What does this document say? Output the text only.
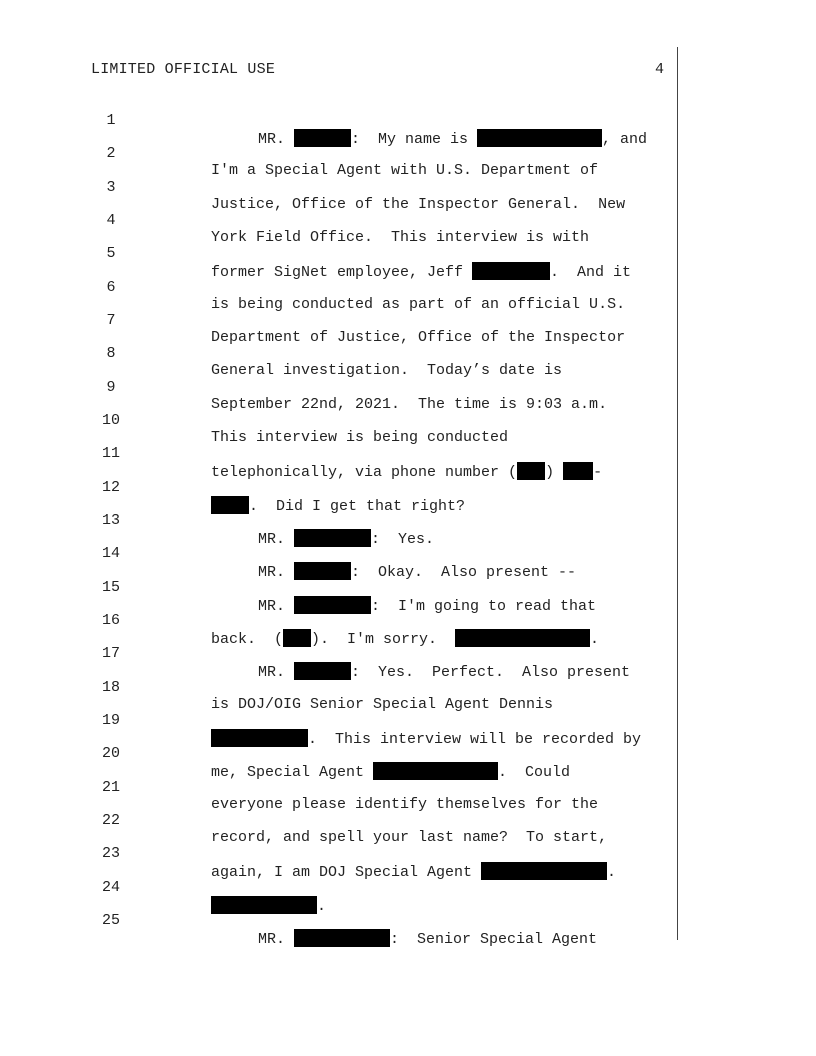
LIMITED OFFICIAL USE	4

1

MR.	:  My name is	, and

2

I'm a Special Agent with U.S. Department of

3

Justice, Office of the Inspector General.  New

4

York Field Office.  This interview is with

5

former SigNet employee, Jeff	.  And it

6

is being conducted as part of an official U.S.

7

Department of Justice, Office of the Inspector

8

General investigation.  Today’s date is

9

September 22nd, 2021.  The time is 9:03 a.m.

10

This interview is being conducted

11

telephonically, via phone number ( ) -

12

.  Did I get that right?

13

MR.	:  Yes.

14

MR.	:  Okay.  Also present --

15

MR.	:  I'm going to read that

16

back.  ( ).  I'm sorry.	.

17

MR.	:  Yes.  Perfect.  Also present

18

is DOJ/OIG Senior Special Agent Dennis

19

.  This interview will be recorded by

20

me, Special Agent	.  Could

21

everyone please identify themselves for the

22

record, and spell your last name?  To start,

23

again, I am DOJ Special Agent	.

24

.

25

MR.	:  Senior Special Agent
